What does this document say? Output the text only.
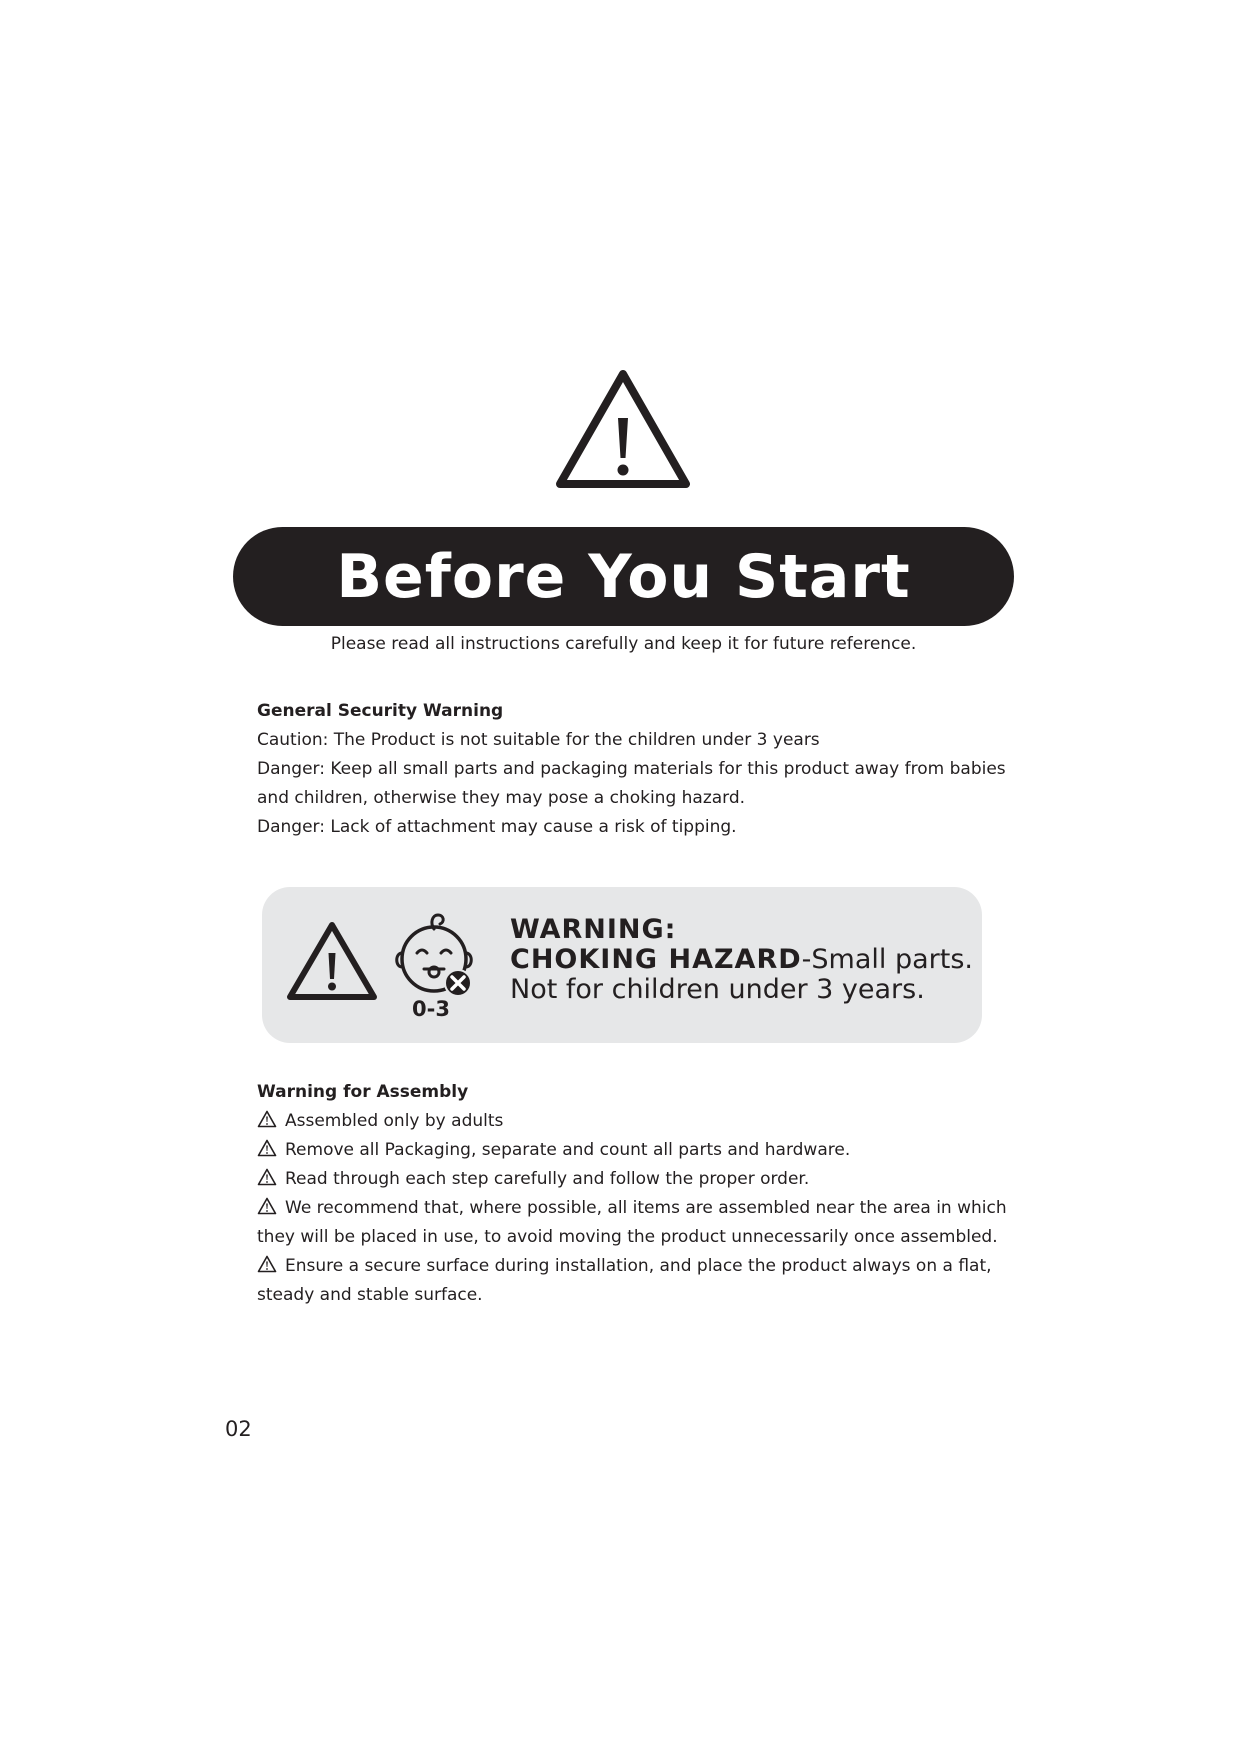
Before You Start
Please read all instructions carefully and keep it for future reference.
General Security Warning
Caution: The Product is not suitable for the children under 3 years
Danger: Keep all small parts and packaging materials for this product away from babies and children, otherwise they may pose a choking hazard.
Danger: Lack of attachment may cause a risk of tipping.
0-3
WARNING:
CHOKING HAZARD-Small parts.
Not for children under 3 years.
Warning for Assembly
Assembled only by adults
Remove all Packaging, separate and count all parts and hardware.
Read through each step carefully and follow the proper order.
We recommend that, where possible, all items are assembled near the area in which they will be placed in use, to avoid moving the product unnecessarily once assembled.
Ensure a secure surface during installation, and place the product always on a flat, steady and stable surface.
02
